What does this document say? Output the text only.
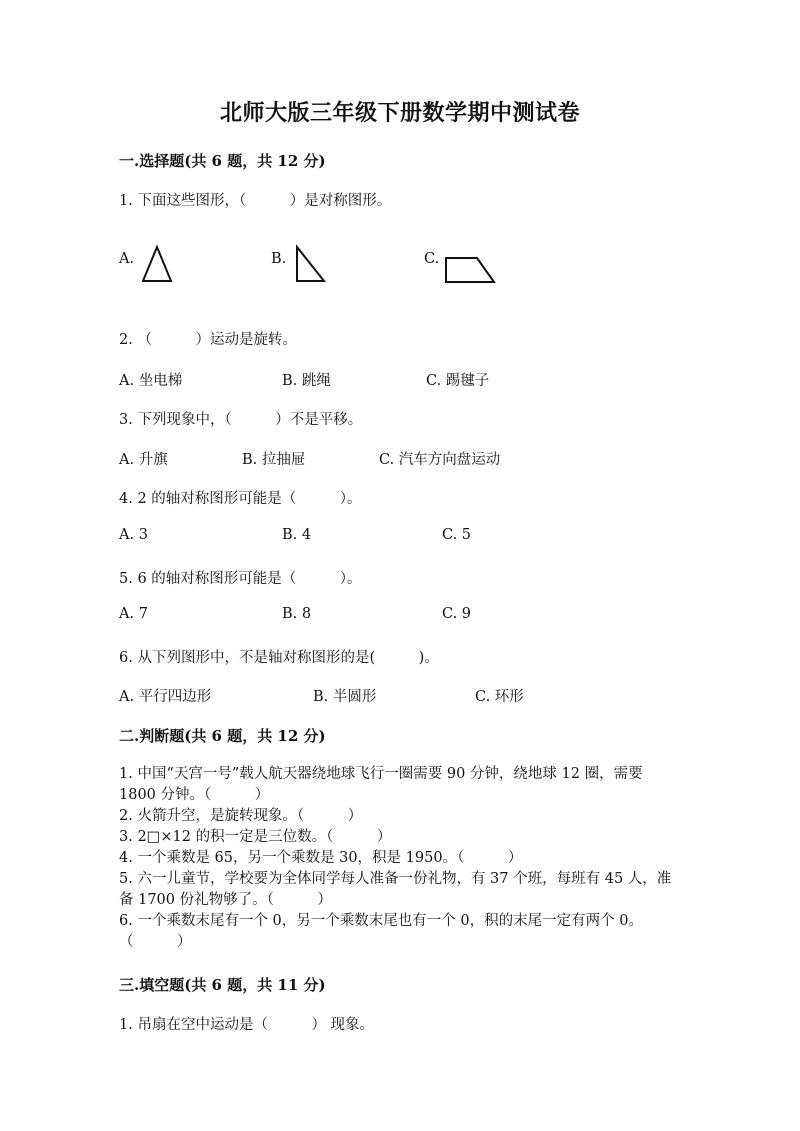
北师大版三年级下册数学期中测试卷
一.选择题(共 6 题，共 12 分)
1. 下面这些图形，（　　　）是对称图形。
A.	B.	C.
2. （　　　）运动是旋转。
A. 坐电梯	B. 跳绳	C. 踢毽子
3. 下列现象中，（　　　）不是平移。
A. 升旗	B. 拉抽屉	C. 汽车方向盘运动
4. 2 的轴对称图形可能是（　　　）。
A. 3	B. 4	C. 5
5. 6 的轴对称图形可能是（　　　）。
A. 7	B. 8	C. 9
6. 从下列图形中，不是轴对称图形的是(　　　)。
A. 平行四边形	B. 半圆形	C. 环形
二.判断题(共 6 题，共 12 分)
1. 中国“天宫一号”载人航天器绕地球飞行一圈需要 90 分钟，绕地球 12 圈，需要 1800 分钟。（　　　）
2. 火箭升空，是旋转现象。（　　　）
3. 2□×12 的积一定是三位数。（　　　）
4. 一个乘数是 65，另一个乘数是 30，积是 1950。（　　　）
5. 六一儿童节，学校要为全体同学每人准备一份礼物，有 37 个班，每班有 45 人，准备 1700 份礼物够了。（　　　）
6. 一个乘数末尾有一个 0，另一个乘数末尾也有一个 0，积的末尾一定有两个 0。（　　　）
三.填空题(共 6 题，共 11 分)
1. 吊扇在空中运动是（　　　） 现象。
